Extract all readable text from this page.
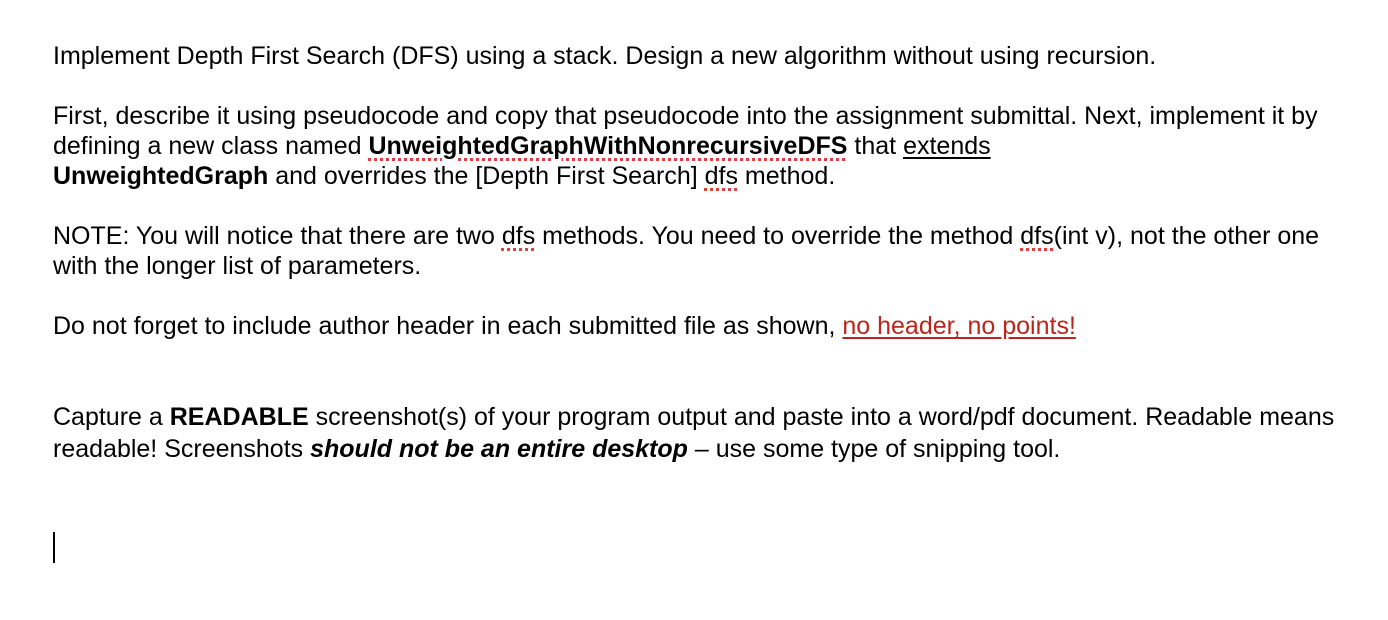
Implement Depth First Search (DFS) using a stack. Design a new algorithm without using recursion.

First, describe it using pseudocode and copy that pseudocode into the assignment submittal. Next, implement it by defining a new class named UnweightedGraphWithNonrecursiveDFS that extends
UnweightedGraph and overrides the [Depth First Search] dfs method.

NOTE: You will notice that there are two dfs methods. You need to override the method dfs(int v), not the other one with the longer list of parameters.

Do not forget to include author header in each submitted file as shown, no header, no points!

Capture a READABLE screenshot(s) of your program output and paste into a word/pdf document. Readable means readable! Screenshots should not be an entire desktop – use some type of snipping tool.
